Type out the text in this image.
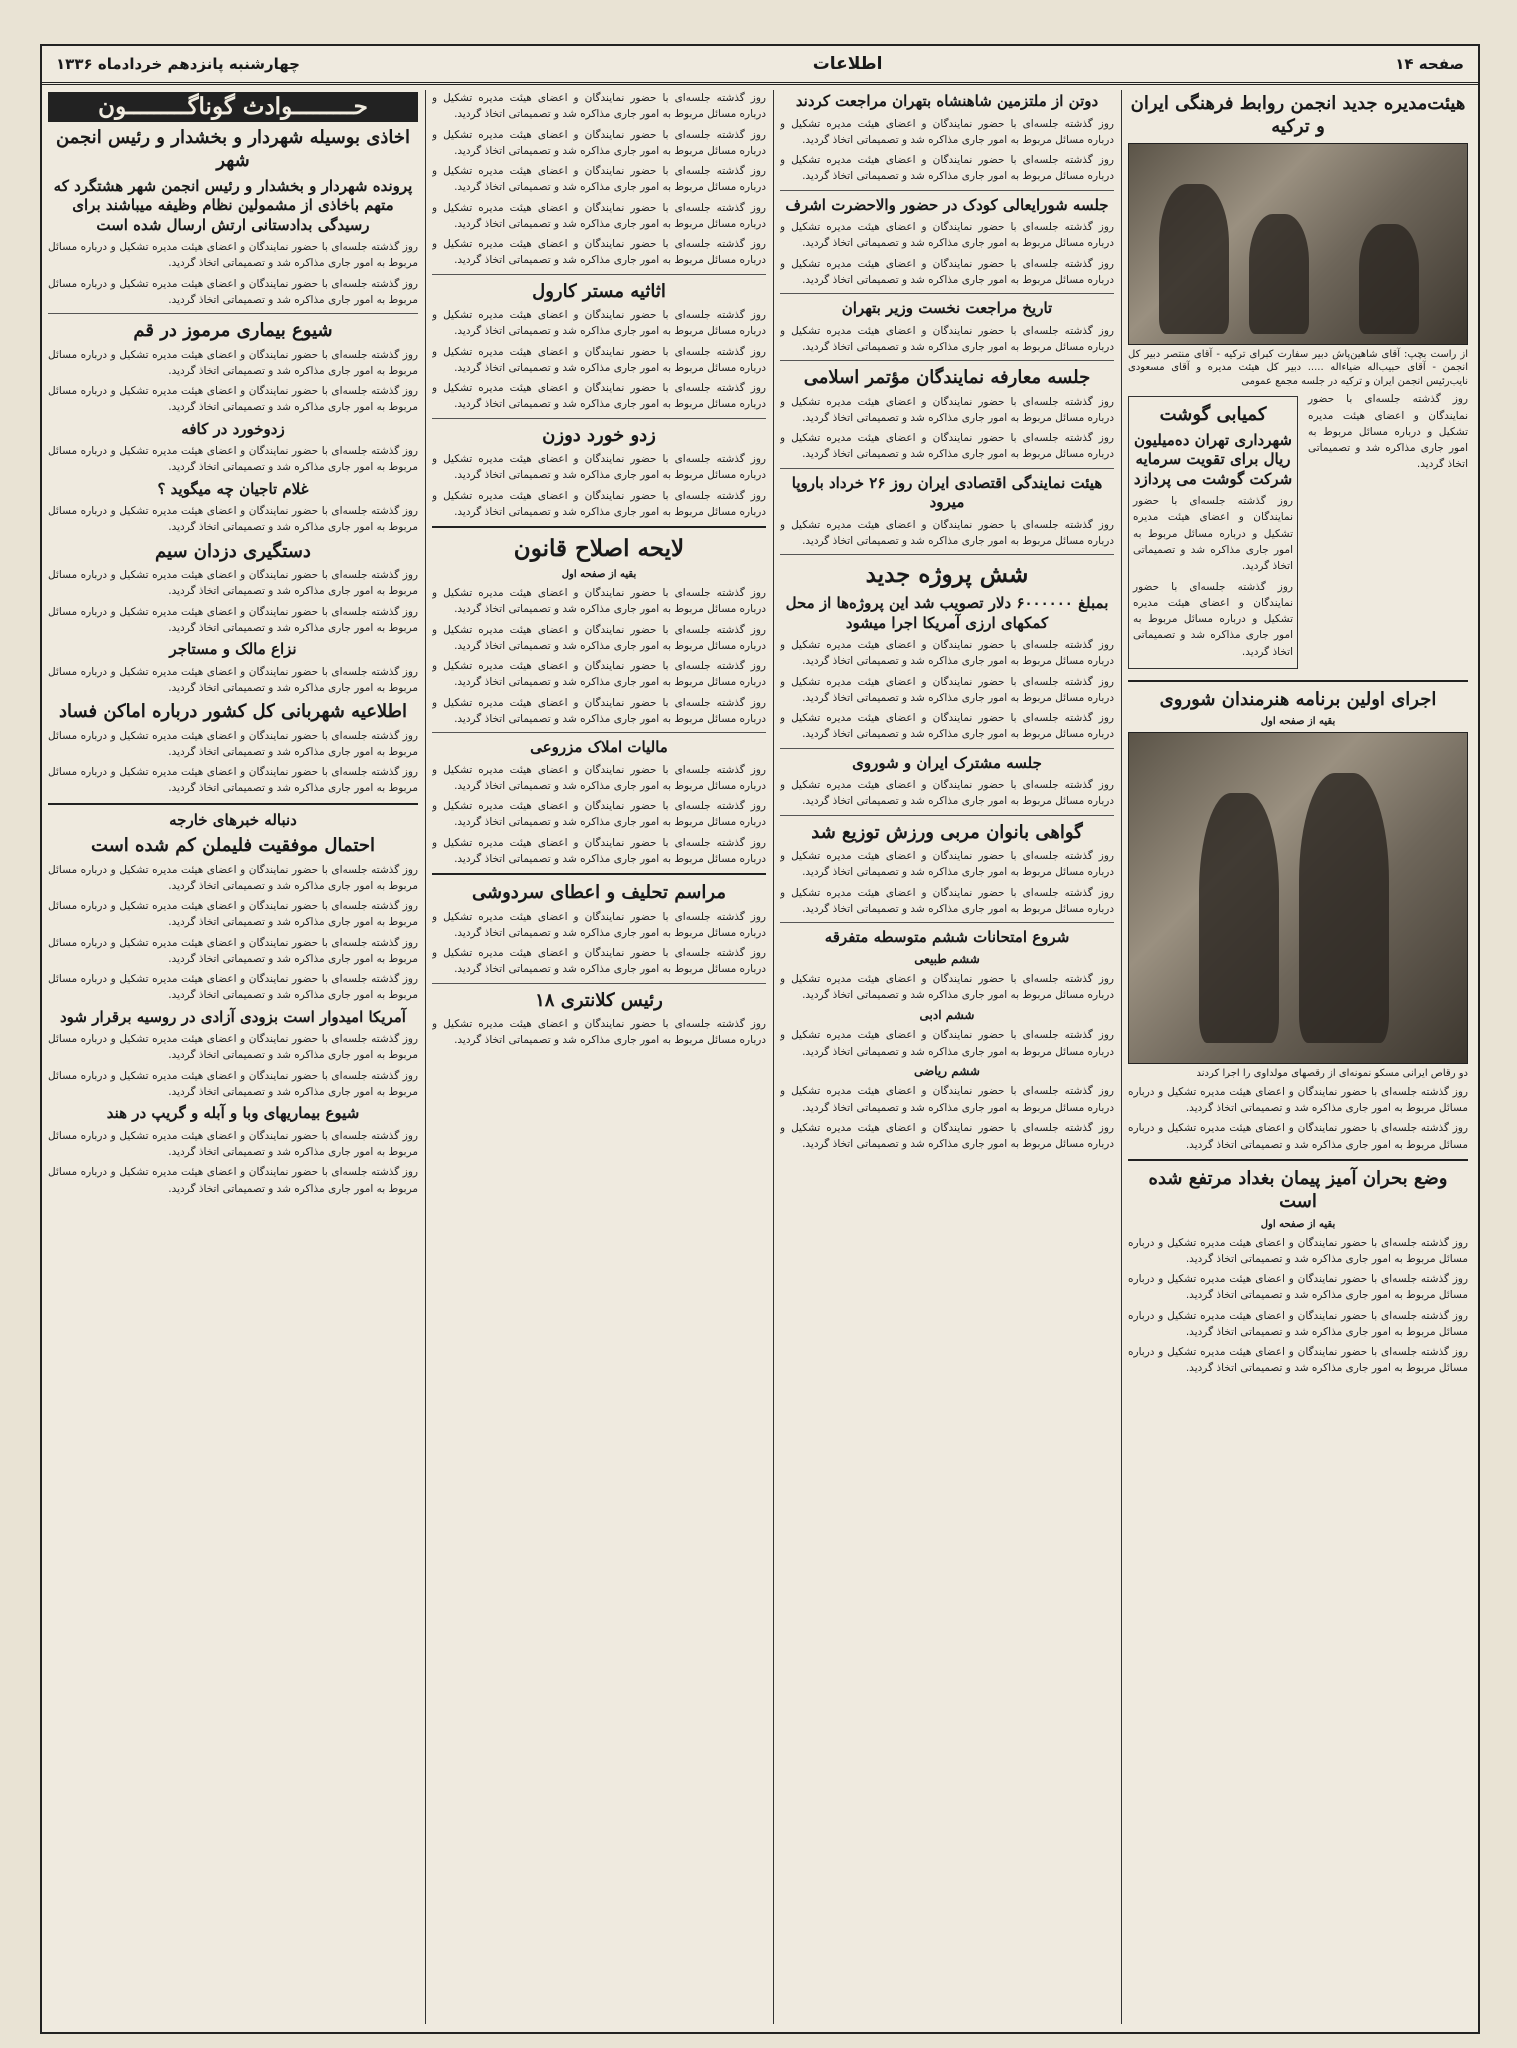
صفحه ۱۴
اطلاعات
چهارشنبه پانزدهم خردادماه ۱۳۳۶
هیئت‌مدیره جدید انجمن روابط فرهنگی ایران و ترکیه
از راست بچپ: آقای شاهین‌پاش دبیر سفارت کبرای ترکیه - آقای منتصر دبیر کل انجمن - آقای حبیب‌اله ضیاءاله ..... دبیر کل هیئت مدیره و آقای مسعودی نایب‌رئیس انجمن ایران و ترکیه در جلسه مجمع عمومی
روز گذشته جلسه‌ای با حضور نمایندگان و اعضای هیئت مدیره تشکیل و درباره مسائل مربوط به امور جاری مذاکره شد و تصمیماتی اتخاذ گردید.
کمیابی گوشت
شهرداری تهران ده‌میلیون ریال برای تقویت سرمایه شرکت گوشت می پردازد
روز گذشته جلسه‌ای با حضور نمایندگان و اعضای هیئت مدیره تشکیل و درباره مسائل مربوط به امور جاری مذاکره شد و تصمیماتی اتخاذ گردید.
روز گذشته جلسه‌ای با حضور نمایندگان و اعضای هیئت مدیره تشکیل و درباره مسائل مربوط به امور جاری مذاکره شد و تصمیماتی اتخاذ گردید.
اجرای اولین برنامه هنرمندان شوروی
بقیه از صفحه اول
دو رقاص ایرانی مسکو نمونه‌ای از رقصهای مولداوی را اجرا کردند
روز گذشته جلسه‌ای با حضور نمایندگان و اعضای هیئت مدیره تشکیل و درباره مسائل مربوط به امور جاری مذاکره شد و تصمیماتی اتخاذ گردید.
روز گذشته جلسه‌ای با حضور نمایندگان و اعضای هیئت مدیره تشکیل و درباره مسائل مربوط به امور جاری مذاکره شد و تصمیماتی اتخاذ گردید.
وضع بحران آمیز پیمان بغداد مرتفع شده است
بقیه از صفحه اول
روز گذشته جلسه‌ای با حضور نمایندگان و اعضای هیئت مدیره تشکیل و درباره مسائل مربوط به امور جاری مذاکره شد و تصمیماتی اتخاذ گردید.
روز گذشته جلسه‌ای با حضور نمایندگان و اعضای هیئت مدیره تشکیل و درباره مسائل مربوط به امور جاری مذاکره شد و تصمیماتی اتخاذ گردید.
روز گذشته جلسه‌ای با حضور نمایندگان و اعضای هیئت مدیره تشکیل و درباره مسائل مربوط به امور جاری مذاکره شد و تصمیماتی اتخاذ گردید.
روز گذشته جلسه‌ای با حضور نمایندگان و اعضای هیئت مدیره تشکیل و درباره مسائل مربوط به امور جاری مذاکره شد و تصمیماتی اتخاذ گردید.
دوتن از ملتزمین شاهنشاه بتهران مراجعت کردند
روز گذشته جلسه‌ای با حضور نمایندگان و اعضای هیئت مدیره تشکیل و درباره مسائل مربوط به امور جاری مذاکره شد و تصمیماتی اتخاذ گردید.
روز گذشته جلسه‌ای با حضور نمایندگان و اعضای هیئت مدیره تشکیل و درباره مسائل مربوط به امور جاری مذاکره شد و تصمیماتی اتخاذ گردید.
جلسه شورایعالی کودک در حضور والاحضرت اشرف
روز گذشته جلسه‌ای با حضور نمایندگان و اعضای هیئت مدیره تشکیل و درباره مسائل مربوط به امور جاری مذاکره شد و تصمیماتی اتخاذ گردید.
روز گذشته جلسه‌ای با حضور نمایندگان و اعضای هیئت مدیره تشکیل و درباره مسائل مربوط به امور جاری مذاکره شد و تصمیماتی اتخاذ گردید.
تاریخ مراجعت نخست وزیر بتهران
روز گذشته جلسه‌ای با حضور نمایندگان و اعضای هیئت مدیره تشکیل و درباره مسائل مربوط به امور جاری مذاکره شد و تصمیماتی اتخاذ گردید.
جلسه معارفه نمایندگان مؤتمر اسلامی
روز گذشته جلسه‌ای با حضور نمایندگان و اعضای هیئت مدیره تشکیل و درباره مسائل مربوط به امور جاری مذاکره شد و تصمیماتی اتخاذ گردید.
روز گذشته جلسه‌ای با حضور نمایندگان و اعضای هیئت مدیره تشکیل و درباره مسائل مربوط به امور جاری مذاکره شد و تصمیماتی اتخاذ گردید.
هیئت نمایندگی اقتصادی ایران روز ۲۶ خرداد باروپا میرود
روز گذشته جلسه‌ای با حضور نمایندگان و اعضای هیئت مدیره تشکیل و درباره مسائل مربوط به امور جاری مذاکره شد و تصمیماتی اتخاذ گردید.
شش پروژه جدید
بمبلغ ۶۰۰۰۰۰۰ دلار تصویب شد این پروژه‌ها از محل کمکهای ارزی آمریکا اجرا میشود
روز گذشته جلسه‌ای با حضور نمایندگان و اعضای هیئت مدیره تشکیل و درباره مسائل مربوط به امور جاری مذاکره شد و تصمیماتی اتخاذ گردید.
روز گذشته جلسه‌ای با حضور نمایندگان و اعضای هیئت مدیره تشکیل و درباره مسائل مربوط به امور جاری مذاکره شد و تصمیماتی اتخاذ گردید.
روز گذشته جلسه‌ای با حضور نمایندگان و اعضای هیئت مدیره تشکیل و درباره مسائل مربوط به امور جاری مذاکره شد و تصمیماتی اتخاذ گردید.
جلسه مشترک ایران و شوروی
روز گذشته جلسه‌ای با حضور نمایندگان و اعضای هیئت مدیره تشکیل و درباره مسائل مربوط به امور جاری مذاکره شد و تصمیماتی اتخاذ گردید.
گواهی بانوان مربی ورزش توزیع شد
روز گذشته جلسه‌ای با حضور نمایندگان و اعضای هیئت مدیره تشکیل و درباره مسائل مربوط به امور جاری مذاکره شد و تصمیماتی اتخاذ گردید.
روز گذشته جلسه‌ای با حضور نمایندگان و اعضای هیئت مدیره تشکیل و درباره مسائل مربوط به امور جاری مذاکره شد و تصمیماتی اتخاذ گردید.
شروع امتحانات ششم متوسطه متفرقه
ششم طبیعی
روز گذشته جلسه‌ای با حضور نمایندگان و اعضای هیئت مدیره تشکیل و درباره مسائل مربوط به امور جاری مذاکره شد و تصمیماتی اتخاذ گردید.
ششم ادبی
روز گذشته جلسه‌ای با حضور نمایندگان و اعضای هیئت مدیره تشکیل و درباره مسائل مربوط به امور جاری مذاکره شد و تصمیماتی اتخاذ گردید.
ششم ریاضی
روز گذشته جلسه‌ای با حضور نمایندگان و اعضای هیئت مدیره تشکیل و درباره مسائل مربوط به امور جاری مذاکره شد و تصمیماتی اتخاذ گردید.
روز گذشته جلسه‌ای با حضور نمایندگان و اعضای هیئت مدیره تشکیل و درباره مسائل مربوط به امور جاری مذاکره شد و تصمیماتی اتخاذ گردید.
روز گذشته جلسه‌ای با حضور نمایندگان و اعضای هیئت مدیره تشکیل و درباره مسائل مربوط به امور جاری مذاکره شد و تصمیماتی اتخاذ گردید.
روز گذشته جلسه‌ای با حضور نمایندگان و اعضای هیئت مدیره تشکیل و درباره مسائل مربوط به امور جاری مذاکره شد و تصمیماتی اتخاذ گردید.
روز گذشته جلسه‌ای با حضور نمایندگان و اعضای هیئت مدیره تشکیل و درباره مسائل مربوط به امور جاری مذاکره شد و تصمیماتی اتخاذ گردید.
روز گذشته جلسه‌ای با حضور نمایندگان و اعضای هیئت مدیره تشکیل و درباره مسائل مربوط به امور جاری مذاکره شد و تصمیماتی اتخاذ گردید.
روز گذشته جلسه‌ای با حضور نمایندگان و اعضای هیئت مدیره تشکیل و درباره مسائل مربوط به امور جاری مذاکره شد و تصمیماتی اتخاذ گردید.
اثاثیه مستر کارول
روز گذشته جلسه‌ای با حضور نمایندگان و اعضای هیئت مدیره تشکیل و درباره مسائل مربوط به امور جاری مذاکره شد و تصمیماتی اتخاذ گردید.
روز گذشته جلسه‌ای با حضور نمایندگان و اعضای هیئت مدیره تشکیل و درباره مسائل مربوط به امور جاری مذاکره شد و تصمیماتی اتخاذ گردید.
روز گذشته جلسه‌ای با حضور نمایندگان و اعضای هیئت مدیره تشکیل و درباره مسائل مربوط به امور جاری مذاکره شد و تصمیماتی اتخاذ گردید.
زدو خورد دوزن
روز گذشته جلسه‌ای با حضور نمایندگان و اعضای هیئت مدیره تشکیل و درباره مسائل مربوط به امور جاری مذاکره شد و تصمیماتی اتخاذ گردید.
روز گذشته جلسه‌ای با حضور نمایندگان و اعضای هیئت مدیره تشکیل و درباره مسائل مربوط به امور جاری مذاکره شد و تصمیماتی اتخاذ گردید.
لایحه اصلاح قانون
بقیه از صفحه اول
روز گذشته جلسه‌ای با حضور نمایندگان و اعضای هیئت مدیره تشکیل و درباره مسائل مربوط به امور جاری مذاکره شد و تصمیماتی اتخاذ گردید.
روز گذشته جلسه‌ای با حضور نمایندگان و اعضای هیئت مدیره تشکیل و درباره مسائل مربوط به امور جاری مذاکره شد و تصمیماتی اتخاذ گردید.
روز گذشته جلسه‌ای با حضور نمایندگان و اعضای هیئت مدیره تشکیل و درباره مسائل مربوط به امور جاری مذاکره شد و تصمیماتی اتخاذ گردید.
روز گذشته جلسه‌ای با حضور نمایندگان و اعضای هیئت مدیره تشکیل و درباره مسائل مربوط به امور جاری مذاکره شد و تصمیماتی اتخاذ گردید.
مالیات املاک مزروعی
روز گذشته جلسه‌ای با حضور نمایندگان و اعضای هیئت مدیره تشکیل و درباره مسائل مربوط به امور جاری مذاکره شد و تصمیماتی اتخاذ گردید.
روز گذشته جلسه‌ای با حضور نمایندگان و اعضای هیئت مدیره تشکیل و درباره مسائل مربوط به امور جاری مذاکره شد و تصمیماتی اتخاذ گردید.
روز گذشته جلسه‌ای با حضور نمایندگان و اعضای هیئت مدیره تشکیل و درباره مسائل مربوط به امور جاری مذاکره شد و تصمیماتی اتخاذ گردید.
مراسم تحلیف و اعطای سردوشی
روز گذشته جلسه‌ای با حضور نمایندگان و اعضای هیئت مدیره تشکیل و درباره مسائل مربوط به امور جاری مذاکره شد و تصمیماتی اتخاذ گردید.
روز گذشته جلسه‌ای با حضور نمایندگان و اعضای هیئت مدیره تشکیل و درباره مسائل مربوط به امور جاری مذاکره شد و تصمیماتی اتخاذ گردید.
رئیس کلانتری ۱۸
روز گذشته جلسه‌ای با حضور نمایندگان و اعضای هیئت مدیره تشکیل و درباره مسائل مربوط به امور جاری مذاکره شد و تصمیماتی اتخاذ گردید.
حـــــــــوادث گوناگـــــــــون
اخاذی بوسیله شهردار و بخشدار و رئیس انجمن شهر
پرونده شهردار و بخشدار و رئیس انجمن شهر هشتگرد که متهم باخاذی از مشمولین نظام وظیفه میباشند برای رسیدگی بدادستانی ارتش ارسال شده است
روز گذشته جلسه‌ای با حضور نمایندگان و اعضای هیئت مدیره تشکیل و درباره مسائل مربوط به امور جاری مذاکره شد و تصمیماتی اتخاذ گردید.
روز گذشته جلسه‌ای با حضور نمایندگان و اعضای هیئت مدیره تشکیل و درباره مسائل مربوط به امور جاری مذاکره شد و تصمیماتی اتخاذ گردید.
شیوع بیماری مرموز در قم
روز گذشته جلسه‌ای با حضور نمایندگان و اعضای هیئت مدیره تشکیل و درباره مسائل مربوط به امور جاری مذاکره شد و تصمیماتی اتخاذ گردید.
روز گذشته جلسه‌ای با حضور نمایندگان و اعضای هیئت مدیره تشکیل و درباره مسائل مربوط به امور جاری مذاکره شد و تصمیماتی اتخاذ گردید.
زدوخورد در کافه
روز گذشته جلسه‌ای با حضور نمایندگان و اعضای هیئت مدیره تشکیل و درباره مسائل مربوط به امور جاری مذاکره شد و تصمیماتی اتخاذ گردید.
غلام تاجیان چه میگوید ؟
روز گذشته جلسه‌ای با حضور نمایندگان و اعضای هیئت مدیره تشکیل و درباره مسائل مربوط به امور جاری مذاکره شد و تصمیماتی اتخاذ گردید.
دستگیری دزدان سیم
روز گذشته جلسه‌ای با حضور نمایندگان و اعضای هیئت مدیره تشکیل و درباره مسائل مربوط به امور جاری مذاکره شد و تصمیماتی اتخاذ گردید.
روز گذشته جلسه‌ای با حضور نمایندگان و اعضای هیئت مدیره تشکیل و درباره مسائل مربوط به امور جاری مذاکره شد و تصمیماتی اتخاذ گردید.
نزاع مالک و مستاجر
روز گذشته جلسه‌ای با حضور نمایندگان و اعضای هیئت مدیره تشکیل و درباره مسائل مربوط به امور جاری مذاکره شد و تصمیماتی اتخاذ گردید.
اطلاعیه شهربانی کل کشور درباره اماکن فساد
روز گذشته جلسه‌ای با حضور نمایندگان و اعضای هیئت مدیره تشکیل و درباره مسائل مربوط به امور جاری مذاکره شد و تصمیماتی اتخاذ گردید.
روز گذشته جلسه‌ای با حضور نمایندگان و اعضای هیئت مدیره تشکیل و درباره مسائل مربوط به امور جاری مذاکره شد و تصمیماتی اتخاذ گردید.
دنباله خبرهای خارجه
احتمال موفقیت فلیملن کم شده است
روز گذشته جلسه‌ای با حضور نمایندگان و اعضای هیئت مدیره تشکیل و درباره مسائل مربوط به امور جاری مذاکره شد و تصمیماتی اتخاذ گردید.
روز گذشته جلسه‌ای با حضور نمایندگان و اعضای هیئت مدیره تشکیل و درباره مسائل مربوط به امور جاری مذاکره شد و تصمیماتی اتخاذ گردید.
روز گذشته جلسه‌ای با حضور نمایندگان و اعضای هیئت مدیره تشکیل و درباره مسائل مربوط به امور جاری مذاکره شد و تصمیماتی اتخاذ گردید.
روز گذشته جلسه‌ای با حضور نمایندگان و اعضای هیئت مدیره تشکیل و درباره مسائل مربوط به امور جاری مذاکره شد و تصمیماتی اتخاذ گردید.
آمریکا امیدوار است بزودی آزادی در روسیه برقرار شود
روز گذشته جلسه‌ای با حضور نمایندگان و اعضای هیئت مدیره تشکیل و درباره مسائل مربوط به امور جاری مذاکره شد و تصمیماتی اتخاذ گردید.
روز گذشته جلسه‌ای با حضور نمایندگان و اعضای هیئت مدیره تشکیل و درباره مسائل مربوط به امور جاری مذاکره شد و تصمیماتی اتخاذ گردید.
شیوع بیماریهای وبا و آبله و گریپ در هند
روز گذشته جلسه‌ای با حضور نمایندگان و اعضای هیئت مدیره تشکیل و درباره مسائل مربوط به امور جاری مذاکره شد و تصمیماتی اتخاذ گردید.
روز گذشته جلسه‌ای با حضور نمایندگان و اعضای هیئت مدیره تشکیل و درباره مسائل مربوط به امور جاری مذاکره شد و تصمیماتی اتخاذ گردید.
